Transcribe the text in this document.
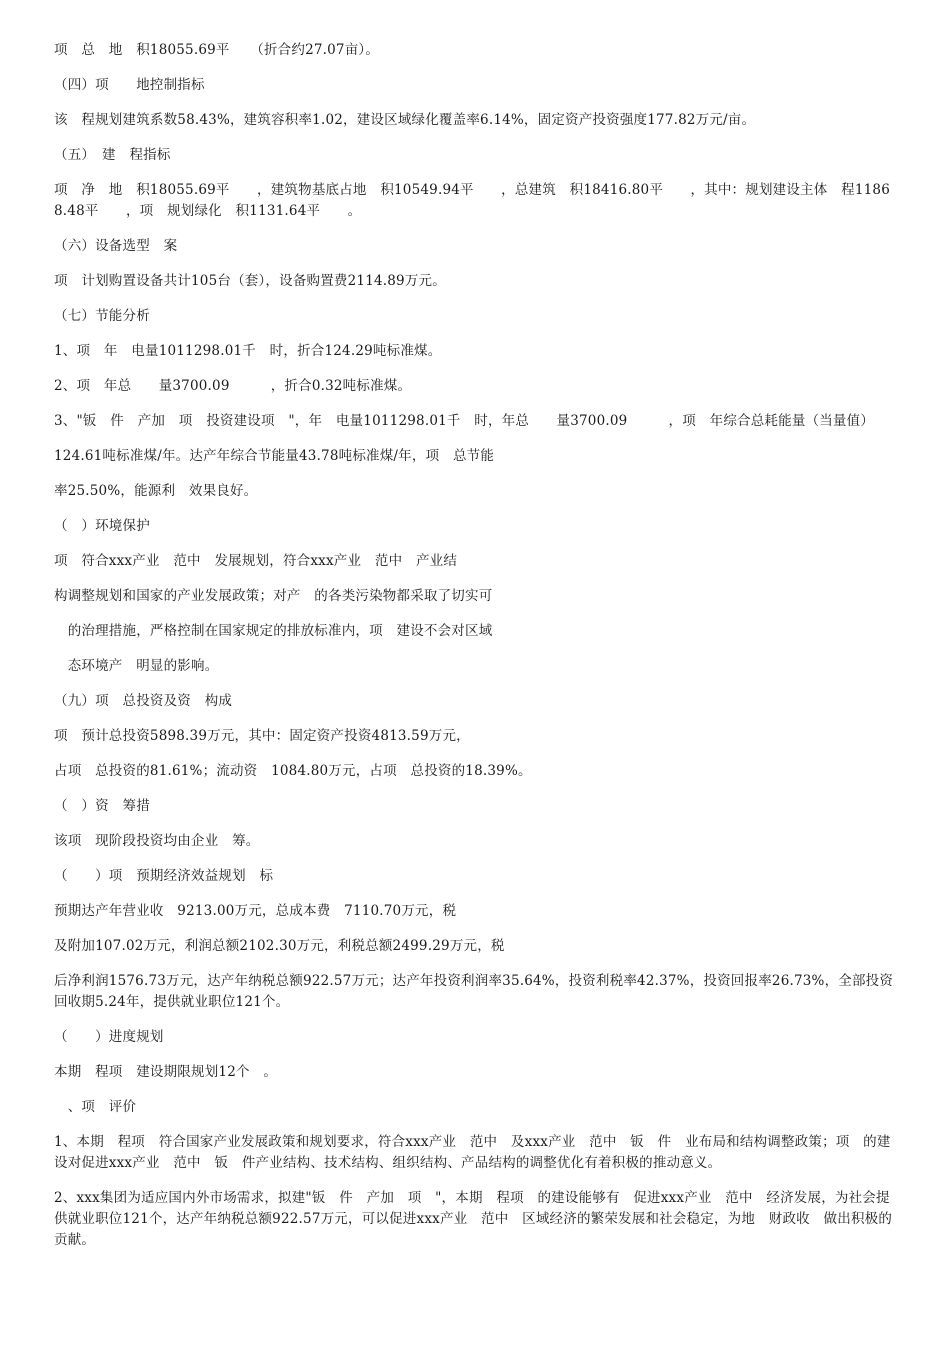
项　总　地　积18055.69平　　（折合约27.07亩）。

（四）项　　地控制指标

该　程规划建筑系数58.43%，建筑容积率1.02，建设区域绿化覆盖率6.14%，固定资产投资强度177.82万元/亩。

（五）　建　程指标

项　净　地　积18055.69平　　，建筑物基底占地　积10549.94平　　，总建筑　积18416.80平　　，其中：规划建设主体　程11868.48平　　，项　规划绿化　积1131.64平　　。

（六）设备选型　案

项　计划购置设备共计105台（套），设备购置费2114.89万元。

（七）节能分析

1、项　年　电量1011298.01千　时，折合124.29吨标准煤。

2、项　年总　　量3700.09　　　，折合0.32吨标准煤。

3、"钣　件　产加　项　投资建设项　"，年　电量1011298.01千　时，年总　　量3700.09　　　，项　年综合总耗能量（当量值）

124.61吨标准煤/年。达产年综合节能量43.78吨标准煤/年，项　总节能

率25.50%，能源利　效果良好。

（　）环境保护

项　符合xxx产业　范中　发展规划，符合xxx产业　范中　产业结

构调整规划和国家的产业发展政策；对产　的各类污染物都采取了切实可

　的治理措施，严格控制在国家规定的排放标准内，项　建设不会对区域

　态环境产　明显的影响。

（九）项　总投资及资　构成

项　预计总投资5898.39万元，其中：固定资产投资4813.59万元，

占项　总投资的81.61%；流动资　1084.80万元，占项　总投资的18.39%。

（　）资　筹措

该项　现阶段投资均由企业　筹。

（　　）项　预期经济效益规划　标

预期达产年营业收　9213.00万元，总成本费　7110.70万元，税

及附加107.02万元，利润总额2102.30万元，利税总额2499.29万元，税

后净利润1576.73万元，达产年纳税总额922.57万元；达产年投资利润率35.64%，投资利税率42.37%，投资回报率26.73%，全部投资回收期5.24年，提供就业职位121个。

（　　）进度规划

本期　程项　建设期限规划12个　。

　、项　评价

1、本期　程项　符合国家产业发展政策和规划要求，符合xxx产业　范中　及xxx产业　范中　钣　件　业布局和结构调整政策；项　的建设对促进xxx产业　范中　钣　件产业结构、技术结构、组织结构、产品结构的调整优化有着积极的推动意义。

2、xxx集团为适应国内外市场需求，拟建"钣　件　产加　项　"，本期　程项　的建设能够有　促进xxx产业　范中　经济发展，为社会提供就业职位121个，达产年纳税总额922.57万元，可以促进xxx产业　范中　区域经济的繁荣发展和社会稳定，为地　财政收　做出积极的贡献。
